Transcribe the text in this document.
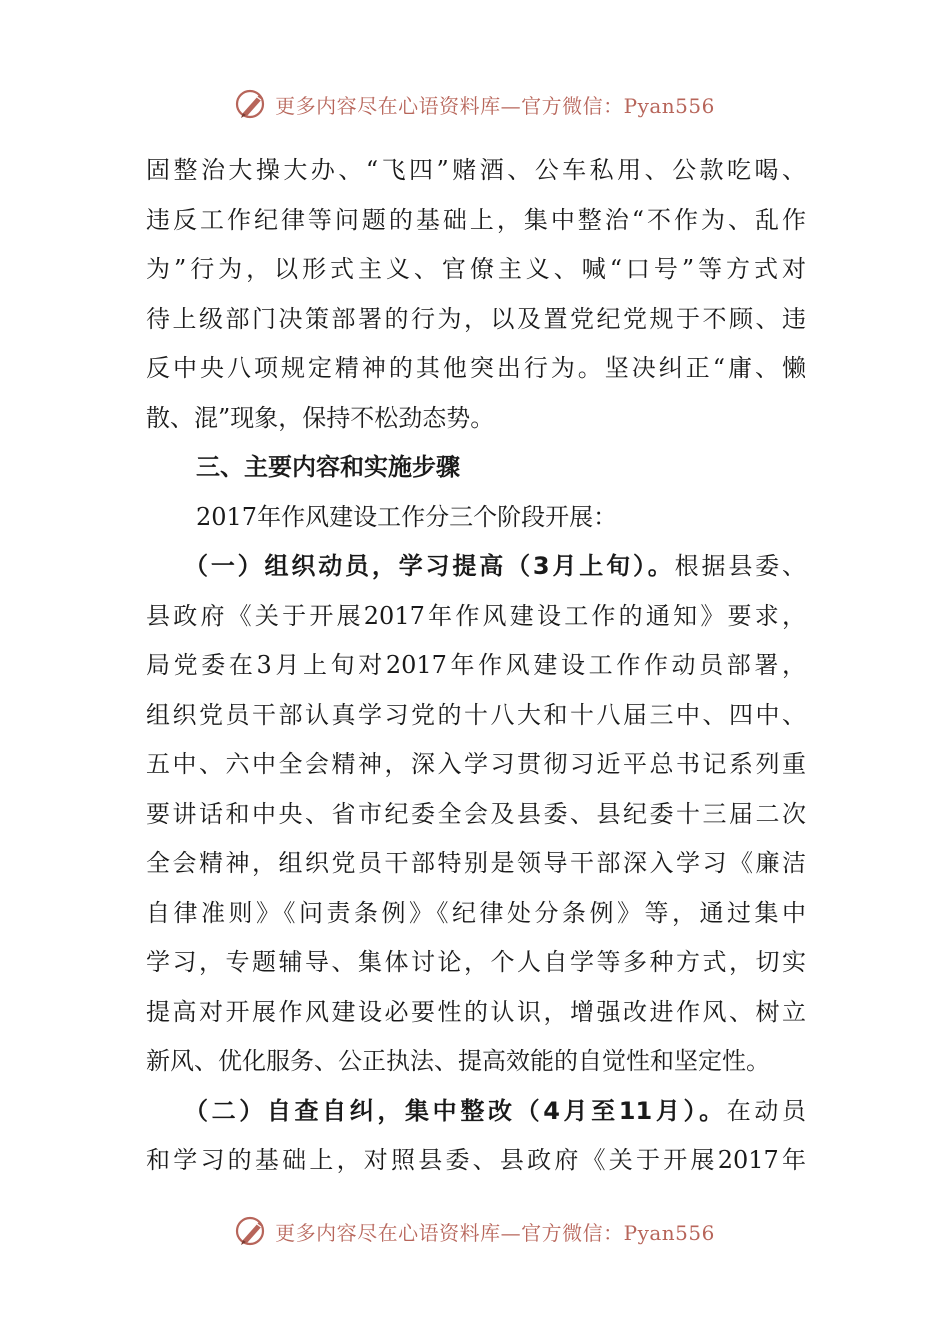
更多内容尽在心语资料库—官方微信：Pyan556
固整治大操大办、“飞四”赌酒、公车私用、公款吃喝、
违反工作纪律等问题的基础上，集中整治“不作为、乱作
为”行为，以形式主义、官僚主义、喊“口号”等方式对
待上级部门决策部署的行为，以及置党纪党规于不顾、违
反中央八项规定精神的其他突出行为。坚决纠正“庸、懒
散、混”现象，保持不松劲态势。
三、主要内容和实施步骤
2017年作风建设工作分三个阶段开展：
（一）组织动员，学习提高（3月上旬）。根据县委、
县政府《关于开展2017年作风建设工作的通知》要求，
局党委在3月上旬对2017年作风建设工作作动员部署，
组织党员干部认真学习党的十八大和十八届三中、四中、
五中、六中全会精神，深入学习贯彻习近平总书记系列重
要讲话和中央、省市纪委全会及县委、县纪委十三届二次
全会精神，组织党员干部特别是领导干部深入学习《廉洁
自律准则》《问责条例》《纪律处分条例》等，通过集中
学习，专题辅导、集体讨论，个人自学等多种方式，切实
提高对开展作风建设必要性的认识，增强改进作风、树立
新风、优化服务、公正执法、提高效能的自觉性和坚定性。
（二）自查自纠，集中整改（4月至11月）。在动员
和学习的基础上，对照县委、县政府《关于开展2017年
更多内容尽在心语资料库—官方微信：Pyan556
